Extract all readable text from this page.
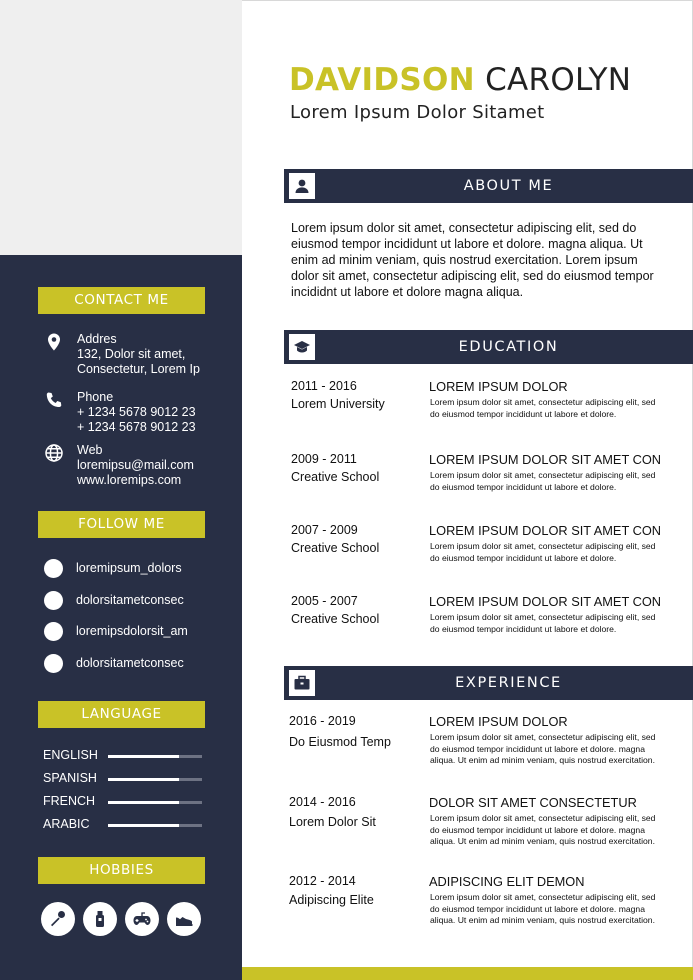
DAVIDSON CAROLYN
Lorem Ipsum Dolor Sitamet
CONTACT ME
Addres
132, Dolor sit amet,
Consectetur, Lorem Ip
Phone
+ 1234 5678 9012 23
+ 1234 5678 9012 23
Web
loremipsu@mail.com
www.loremips.com
FOLLOW ME
loremipsum_dolors
dolorsitametconsec
loremipsdolorsit_am
dolorsitametconsec
LANGUAGE
ENGLISH
SPANISH
FRENCH
ARABIC
HOBBIES
ABOUT ME
Lorem ipsum dolor sit amet, consectetur adipiscing elit, sed do eiusmod tempor incididunt ut labore et dolore. magna aliqua. Ut enim ad minim veniam, quis nostrud exercitation. Lorem ipsum dolor sit amet, consectetur adipiscing elit, sed do eiusmod tempor incididnt ut labore et dolore magna aliqua.
EDUCATION
2011 - 2016
Lorem University
LOREM IPSUM DOLOR
Lorem ipsum dolor sit amet, consectetur adipiscing elit, sed do eiusmod tempor incididunt ut labore et dolore.
2009 - 2011
Creative School
LOREM IPSUM DOLOR SIT AMET CON
Lorem ipsum dolor sit amet, consectetur adipiscing elit, sed do eiusmod tempor incididunt ut labore et dolore.
2007 - 2009
Creative School
LOREM IPSUM DOLOR SIT AMET CON
Lorem ipsum dolor sit amet, consectetur adipiscing elit, sed do eiusmod tempor incididunt ut labore et dolore.
2005 - 2007
Creative School
LOREM IPSUM DOLOR SIT AMET CON
Lorem ipsum dolor sit amet, consectetur adipiscing elit, sed do eiusmod tempor incididunt ut labore et dolore.
EXPERIENCE
2016 - 2019
Do Eiusmod Temp
LOREM IPSUM DOLOR
Lorem ipsum dolor sit amet, consectetur adipiscing elit, sed do eiusmod tempor incididunt ut labore et dolore. magna aliqua. Ut enim ad minim veniam, quis nostrud exercitation.
2014 - 2016
Lorem Dolor Sit
DOLOR SIT AMET CONSECTETUR
Lorem ipsum dolor sit amet, consectetur adipiscing elit, sed do eiusmod tempor incididunt ut labore et dolore. magna aliqua. Ut enim ad minim veniam, quis nostrud exercitation.
2012 - 2014
Adipiscing Elite
ADIPISCING ELIT DEMON
Lorem ipsum dolor sit amet, consectetur adipiscing elit, sed do eiusmod tempor incididunt ut labore et dolore. magna aliqua. Ut enim ad minim veniam, quis nostrud exercitation.
